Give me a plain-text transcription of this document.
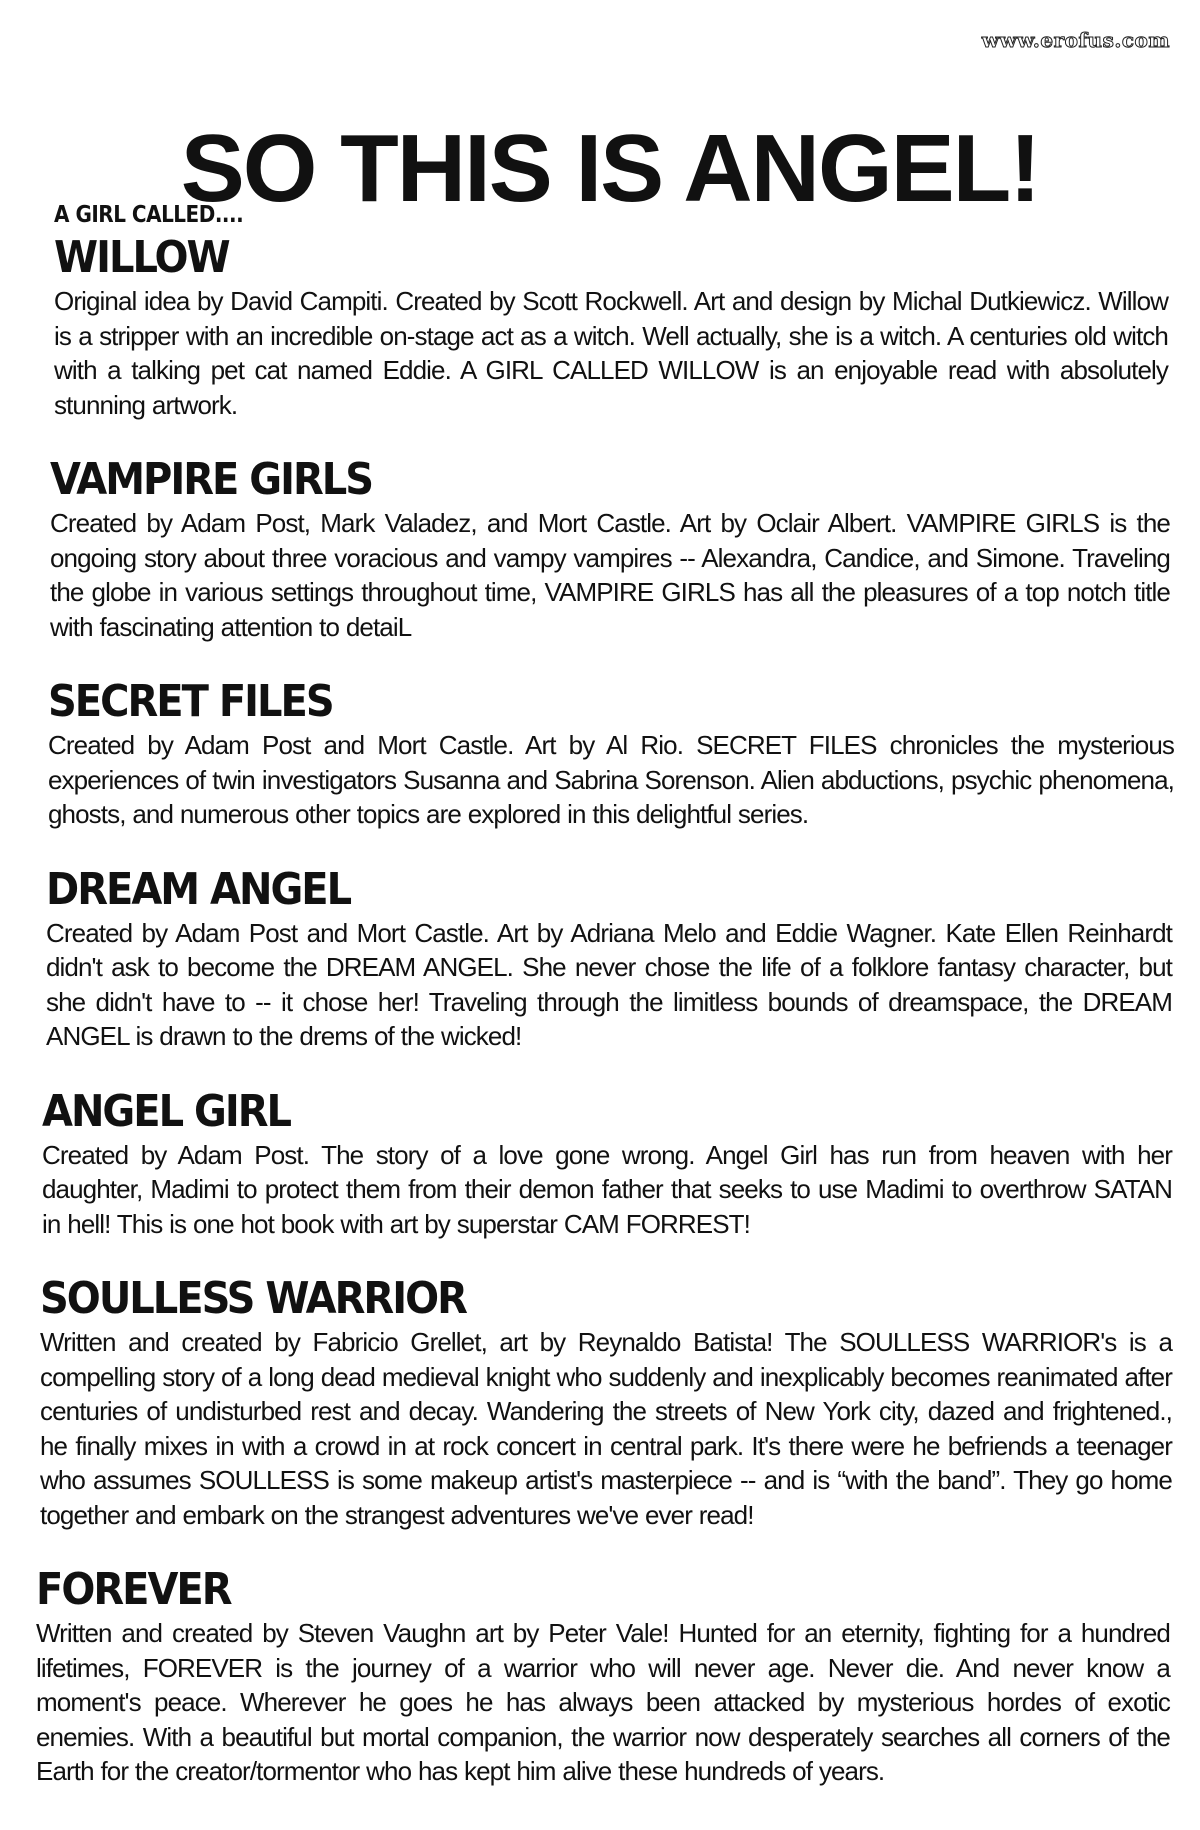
www.erofus.com
SO THIS IS ANGEL!
A GIRL CALLED....
WILLOW

Original idea by David Campiti. Created by Scott Rockwell. Art and design by Michal Dutkiewicz. Willow is a stripper with an incredible on-stage act as a witch. Well actually, she is a witch. A centuries old witch with a talking pet cat named Eddie. A GIRL CALLED WILLOW is an enjoyable read with absolutely stunning artwork.

VAMPIRE GIRLS

Created by Adam Post, Mark Valadez, and Mort Castle. Art by Oclair Albert. VAMPIRE GIRLS is the ongoing story about three voracious and vampy vampires -- Alexandra, Candice, and Simone. Traveling the globe in various settings throughout time, VAMPIRE GIRLS has all the pleasures of a top notch title with fascinating attention to detaiL

SECRET FILES

Created by Adam Post and Mort Castle. Art by Al Rio. SECRET FILES chronicles the mysterious experiences of twin investigators Susanna and Sabrina Sorenson. Alien abductions, psychic phenomena, ghosts, and numerous other topics are explored in this delightful series.

DREAM ANGEL

Created by Adam Post and Mort Castle. Art by Adriana Melo and Eddie Wagner. Kate Ellen Reinhardt didn't ask to become the DREAM ANGEL. She never chose the life of a folklore fantasy character, but she didn't have to -- it chose her! Traveling through the limitless bounds of dreamspace, the DREAM ANGEL is drawn to the drems of the wicked!

ANGEL GIRL

Created by Adam Post. The story of a love gone wrong. Angel Girl has run from heaven with her daughter, Madimi to protect them from their demon father that seeks to use Madimi to overthrow SATAN in hell! This is one hot book with art by superstar CAM FORREST!

SOULLESS WARRIOR

Written and created by Fabricio Grellet, art by Reynaldo Batista! The SOULLESS WARRIOR's is a compelling story of a long dead medieval knight who suddenly and inexplicably becomes reanimated after centuries of undisturbed rest and decay. Wandering the streets of New York city, dazed and frightened., he finally mixes in with a crowd in at rock concert in central park. It's there were he befriends a teenager who assumes SOULLESS is some makeup artist's masterpiece -- and is “with the band”. They go home together and embark on the strangest adventures we've ever read!

FOREVER

Written and created by Steven Vaughn art by Peter Vale! Hunted for an eternity, fighting for a hundred lifetimes, FOREVER is the journey of a warrior who will never age. Never die. And never know a moment's peace. Wherever he goes he has always been attacked by mysterious hordes of exotic enemies. With a beautiful but mortal companion, the warrior now desperately searches all corners of the Earth for the creator/tormentor who has kept him alive these hundreds of years.
